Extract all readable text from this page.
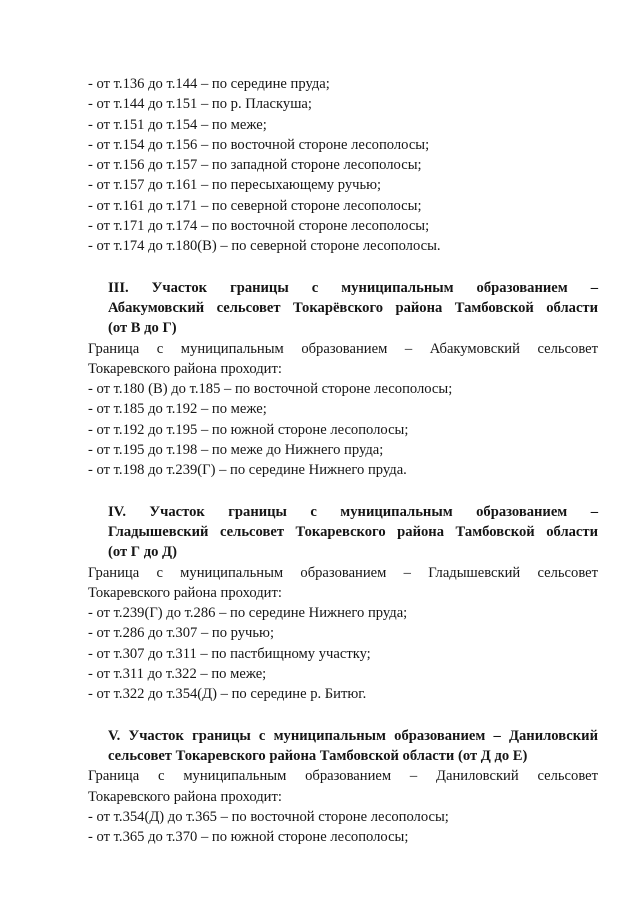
- от т.136 до т.144 – по середине пруда;
- от т.144 до т.151 – по р. Пласкуша;
- от т.151 до т.154 – по меже;
- от т.154 до т.156 – по восточной стороне лесополосы;
- от т.156 до т.157 – по западной стороне лесополосы;
- от т.157 до т.161 – по пересыхающему ручью;
- от т.161 до т.171 – по северной стороне лесополосы;
- от т.171 до т.174 – по восточной стороне лесополосы;
- от т.174 до т.180(В) – по северной стороне лесополосы.
III. Участок границы с муниципальным образованием –
Абакумовский сельсовет Токарёвского района Тамбовской области
(от В до Г)
Граница с муниципальным образованием – Абакумовский сельсовет
Токаревского района проходит:
- от т.180 (В) до т.185 – по восточной стороне лесополосы;
- от т.185 до т.192 – по меже;
- от т.192 до т.195 – по южной стороне лесополосы;
- от т.195 до т.198 – по меже до Нижнего пруда;
- от т.198 до т.239(Г) – по середине Нижнего пруда.
IV. Участок границы с муниципальным образованием –
Гладышевский сельсовет Токаревского района Тамбовской области
(от Г до Д)
Граница с муниципальным образованием – Гладышевский сельсовет
Токаревского района проходит:
- от т.239(Г) до т.286 – по середине Нижнего пруда;
- от т.286 до т.307 – по ручью;
- от т.307 до т.311 – по пастбищному участку;
- от т.311 до т.322 – по меже;
- от т.322 до т.354(Д) – по середине р. Битюг.
V. Участок границы с муниципальным образованием – Даниловский
сельсовет Токаревского района Тамбовской области (от Д до Е)
Граница с муниципальным образованием – Даниловский сельсовет
Токаревского района проходит:
- от т.354(Д) до т.365 – по восточной стороне лесополосы;
- от т.365 до т.370 – по южной стороне лесополосы;
